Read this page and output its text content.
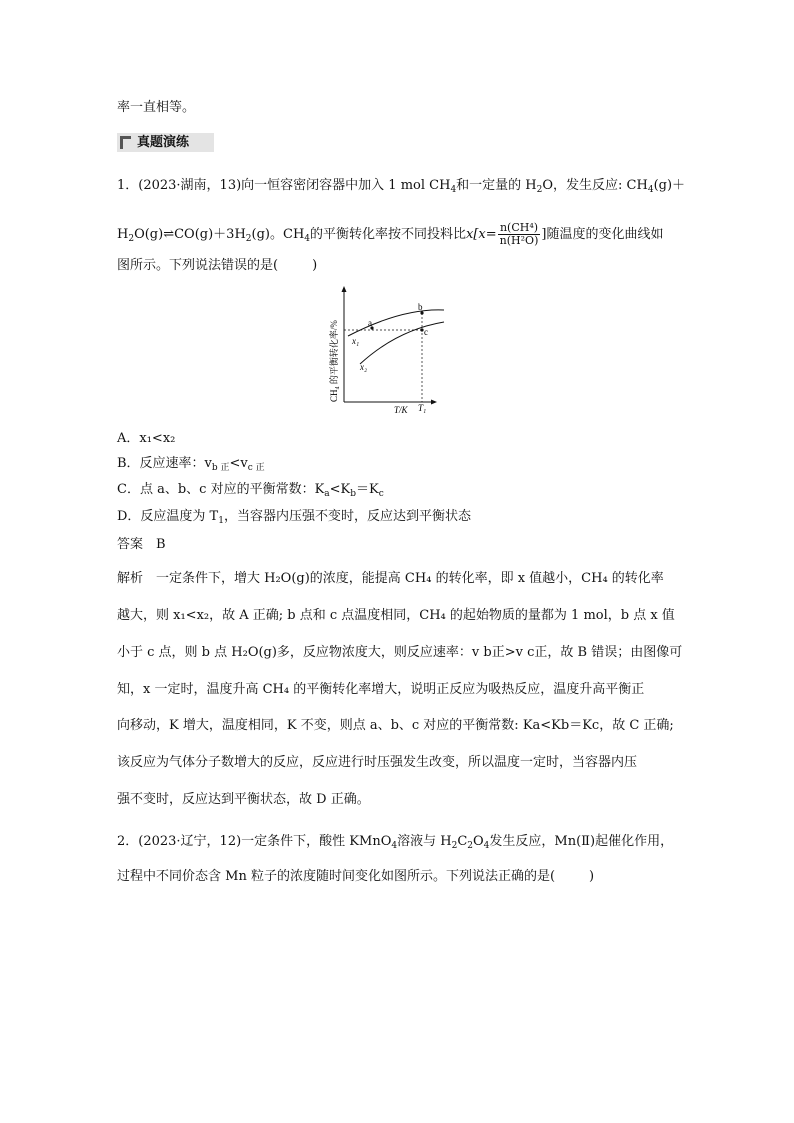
率一直相等。
真题演练
1．(2023·湖南，13)向一恒容密闭容器中加入 1 mol $CH_4$和一定量的 $H_2O$，发生反应: $CH_4(g)+$
$H_2O(g)\rightleftharpoons CO(g)+3H_2(g)$。$CH_4$的平衡转化率按不同投料比$x[x= \frac{\text{n(CH⁴)}}{\text{n(H²O)}}$ ]随温度的变化曲线如
图所示。下列说法错误的是(	)
a
b
c
x₁
x₂
T/K T₁
CH₄ 的平衡转化率/%
A．x₁<x₂
B．反应速率：$v_{b 正}<v_{c 正}$
C．点 a、b、c 对应的平衡常数：$K_a<K_b=K_c$
D．反应温度为 $T_1$，当容器内压强不变时，反应达到平衡状态
答案　B
解析　一定条件下，增大 H₂O(g)的浓度，能提高 CH₄ 的转化率，即 x 值越小，CH₄ 的转化率
越大，则 x₁<x₂，故 A 正确; b 点和 c 点温度相同，CH₄ 的起始物质的量都为 1 mol，b 点 x 值
小于 c 点，则 b 点 H₂O(g)多，反应物浓度大，则反应速率：v b正>v c正，故 B 错误；由图像可
知，x 一定时，温度升高 CH₄ 的平衡转化率增大，说明正反应为吸热反应，温度升高平衡正
向移动，K 增大，温度相同，K 不变，则点 a、b、c 对应的平衡常数: Ka<Kb＝Kc，故 C 正确;
该反应为气体分子数增大的反应，反应进行时压强发生改变，所以温度一定时，当容器内压
强不变时，反应达到平衡状态，故 D 正确。
2．(2023·辽宁，12)一定条件下，酸性 KMnO$_4$溶液与 $H_2C_2O_4$发生反应，Mn(Ⅱ)起催化作用，
过程中不同价态含 Mn 粒子的浓度随时间变化如图所示。下列说法正确的是(	)
